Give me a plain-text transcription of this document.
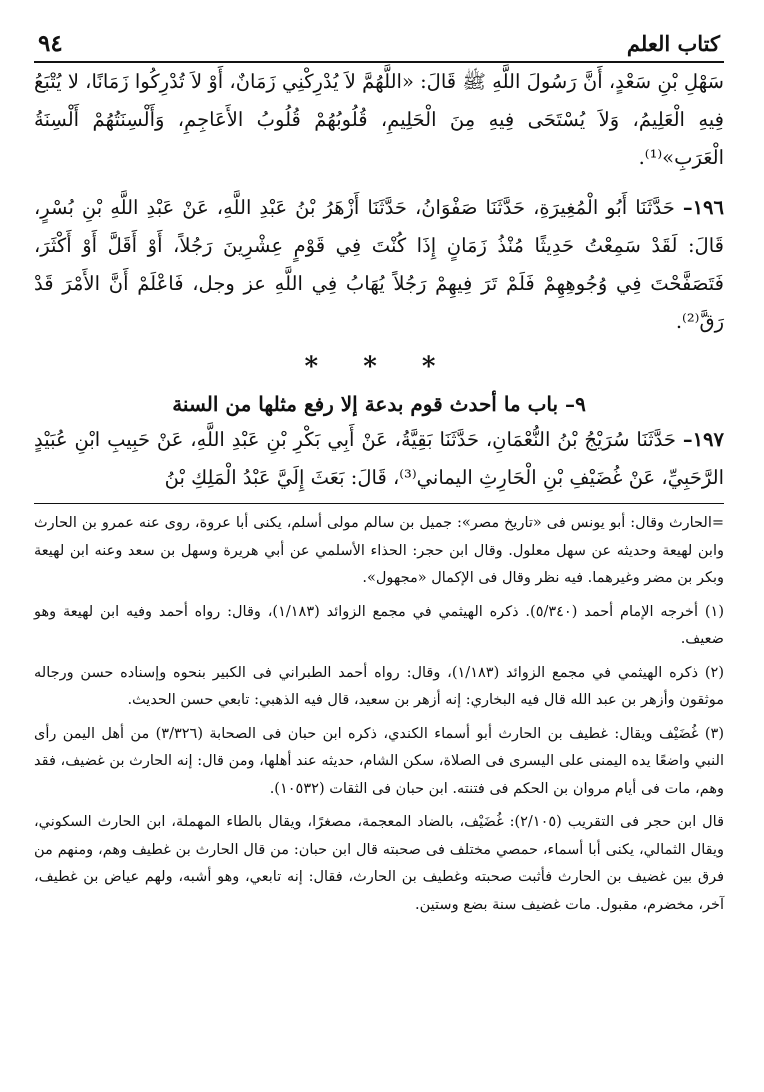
كتاب العلم
٩٤

سَهْلِ بْنِ سَعْدٍ، أَنَّ رَسُولَ اللَّهِ ﷺ قَالَ: «اللَّهُمَّ لاَ يُدْرِكْنِي زَمَانٌ، أَوْ لاَ تُدْرِكُوا زَمَانًا، لا يُتْبَعُ فِيهِ الْعَلِيمُ، وَلاَ يُسْتَحَى فِيهِ مِنَ الْحَلِيمِ، قُلُوبُهُمْ قُلُوبُ الأَعَاجِمِ، وَأَلْسِنَتُهُمْ أَلْسِنَةُ الْعَرَبِ»⁽¹⁾.

١٩٦– حَدَّثَنَا أَبُو الْمُغِيرَةِ، حَدَّثَنَا صَفْوَانُ، حَدَّثَنَا أَزْهَرُ بْنُ عَبْدِ اللَّهِ، عَنْ عَبْدِ اللَّهِ بْنِ بُسْرٍ، قَالَ: لَقَدْ سَمِعْتُ حَدِيثًا مُنْذُ زَمَانٍ إِذَا كُنْتَ فِي قَوْمٍ عِشْرِينَ رَجُلاً، أَوْ أَقَلَّ أَوْ أَكْثَرَ، فَتَصَفَّحْتَ فِي وُجُوهِهِمْ فَلَمْ تَرَ فِيهِمْ رَجُلاً يُهَابُ فِي اللَّهِ عز وجل، فَاعْلَمْ أَنَّ الأَمْرَ قَدْ رَقَّ⁽²⁾.

* * *
٩– باب ما أحدث قوم بدعة إلا رفع مثلها من السنة

١٩٧– حَدَّثَنَا سُرَيْجُ بْنُ النُّعْمَانِ، حَدَّثَنَا بَقِيَّةُ، عَنْ أَبِي بَكْرِ بْنِ عَبْدِ اللَّهِ، عَنْ حَبِيبِ ابْنِ عُبَيْدٍ الرَّحَبِيِّ، عَنْ غُضَيْفِ بْنِ الْحَارِثِ اليماني⁽³⁾، قَالَ: بَعَثَ إِلَيَّ عَبْدُ الْمَلِكِ بْنُ

=الحارث وقال: أبو يونس فى «تاريخ مصر»: جميل بن سالم مولى أسلم، يكنى أبا عروة، روى عنه عمرو بن الحارث وابن لهيعة وحديثه عن سهل معلول. وقال ابن حجر: الحذاء الأسلمي عن أبي هريرة وسهل بن سعد وعنه ابن لهيعة وبكر بن مضر وغيرهما. فيه نظر وقال فى الإكمال «مجهول».

(١) أخرجه الإمام أحمد (٥/٣٤٠). ذكره الهيثمي في مجمع الزوائد (١/١٨٣)، وقال: رواه أحمد وفيه ابن لهيعة وهو ضعيف.

(٢) ذكره الهيثمي في مجمع الزوائد (١/١٨٣)، وقال: رواه أحمد الطبراني فى الكبير بنحوه وإسناده حسن ورجاله موثقون وأزهر بن عبد الله قال فيه البخاري: إنه أزهر بن سعيد، قال فيه الذهبي: تابعي حسن الحديث.

(٣) غُضَيْف ويقال: غطيف بن الحارث أبو أسماء الكندي، ذكره ابن حبان فى الصحابة (٣/٣٢٦) من أهل اليمن رأى النبي واضعًا يده اليمنى على اليسرى فى الصلاة، سكن الشام، حديثه عند أهلها، ومن قال: إنه الحارث بن غضيف، فقد وهم، مات فى أيام مروان بن الحكم فى فتنته. ابن حبان فى الثقات (١٠٥٣٢).

قال ابن حجر فى التقريب (٢/١٠٥): غُضَيْف، بالضاد المعجمة، مصغرًا، ويقال بالطاء المهملة، ابن الحارث السكوني، ويقال الثمالي، يكنى أبا أسماء، حمصي مختلف فى صحبته قال ابن حبان: من قال الحارث بن غطيف وهم، ومنهم من فرق بين غضيف بن الحارث فأثبت صحبته وغطيف بن الحارث، فقال: إنه تابعي، وهو أشبه، ولهم عياض بن غطيف، آخر، مخضرم، مقبول. مات غضيف سنة بضع وستين.
